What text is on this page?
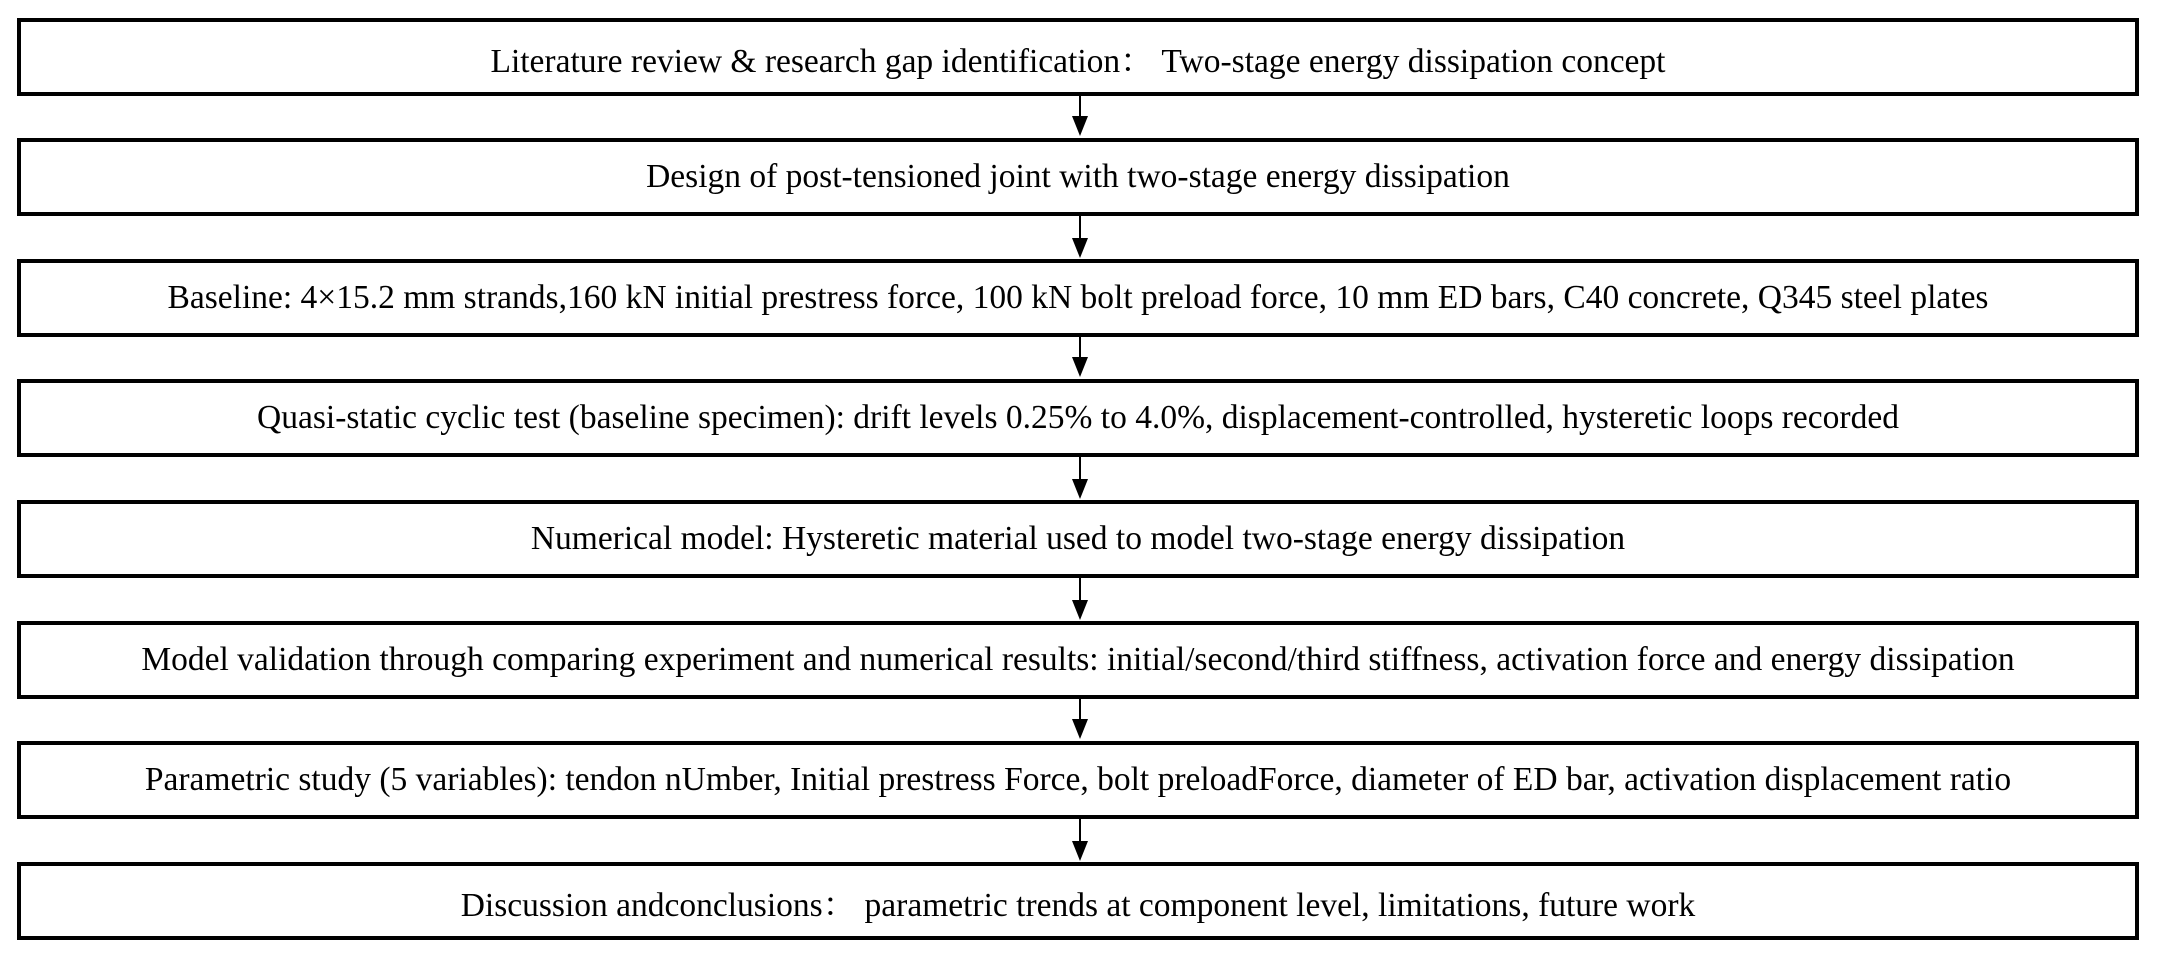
Literature review & research gap identification： Two-stage energy dissipation concept
Design of post-tensioned joint with two-stage energy dissipation
Baseline: 4×15.2 mm strands,160 kN initial prestress force, 100 kN bolt preload force, 10 mm ED bars, C40 concrete, Q345 steel plates
Quasi-static cyclic test (baseline specimen): drift levels 0.25% to 4.0%, displacement-controlled, hysteretic loops recorded
Numerical model: Hysteretic material used to model two-stage energy dissipation
Model validation through comparing experiment and numerical results: initial/second/third stiffness, activation force and energy dissipation
Parametric study (5 variables): tendon nUmber, Initial prestress Force, bolt preloadForce, diameter of ED bar, activation displacement ratio
Discussion andconclusions： parametric trends at component level, limitations, future work
